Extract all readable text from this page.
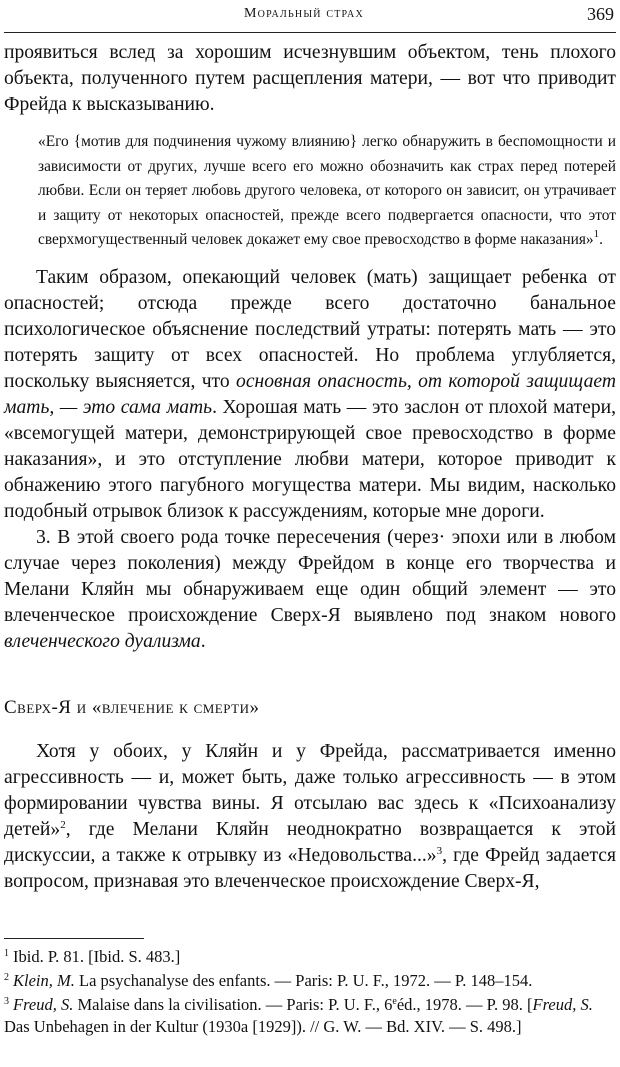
Моральный страх	369

проявиться вслед за хорошим исчезнувшим объектом, тень плохого объекта, полученного путем расщепления матери, — вот что приводит Фрейда к высказыванию.

«Его {мотив для подчинения чужому влиянию} легко обнаружить в беспомощности и зависимости от других, лучше всего его можно обозначить как страх перед потерей любви. Если он теряет любовь другого человека, от которого он зависит, он утрачивает и защиту от некоторых опасностей, прежде всего подвергается опасности, что этот сверхмогущественный человек докажет ему свое превосходство в форме наказания»$^1$.

Таким образом, опекающий человек (мать) защищает ребенка от опасностей; отсюда прежде всего достаточно банальное психологическое объяснение последствий утраты: потерять мать — это потерять защиту от всех опасностей. Но проблема углубляется, поскольку выясняется, что основная опасность, от которой защищает мать, — это сама мать. Хорошая мать — это заслон от плохой матери, «всемогущей матери, демонстрирующей свое превосходство в форме наказания», и это отступление любви матери, которое приводит к обнажению этого пагубного могущества матери. Мы видим, насколько подобный отрывок близок к рассуждениям, которые мне дороги.

3. В этой своего рода точке пересечения (через· эпохи или в любом случае через поколения) между Фрейдом в конце его творчества и Мелани Кляйн мы обнаруживаем еще один общий элемент — это влеченческое происхождение Сверх-Я выявлено под знаком нового влеченческого дуализма.

Сверх-Я и «влечение к смерти»

Хотя у обоих, у Кляйн и у Фрейда, рассматривается именно агрессивность — и, может быть, даже только агрессивность — в этом формировании чувства вины. Я отсылаю вас здесь к «Психоанализу детей»$^2$, где Мелани Кляйн неоднократно возвращается к этой дискуссии, а также к отрывку из «Недовольства...»$^3$, где Фрейд задается вопросом, признавая это влеченческое происхождение Сверх-Я,

$^1$ Ibid. P. 81. [Ibid. S. 483.]

$^2$ Klein, M. La psychanalyse des enfants. — Paris: P. U. F., 1972. — P. 148–154.

$^3$ Freud, S. Malaise dans la civilisation. — Paris: P. U. F., 6eéd., 1978. — P. 98. [Freud, S. Das Unbehagen in der Kultur (1930a [1929]). // G. W. — Bd. XIV. — S. 498.]
